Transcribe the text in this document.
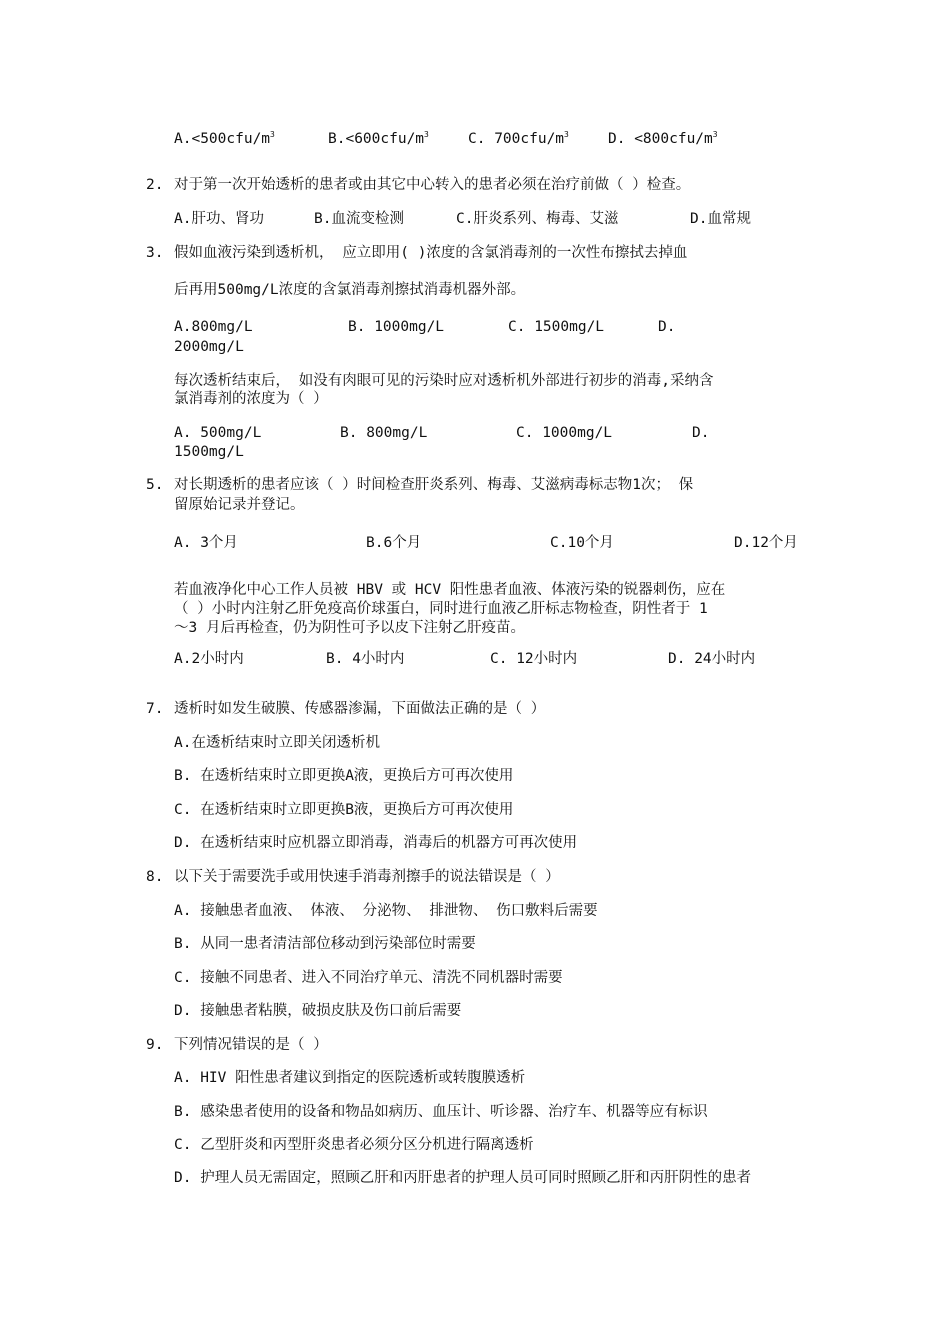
$A.<500cfu/m^3$	$B.<600cfu/m^3$	C. $700cfu/m^3$	D. $<800cfu/m^3$
2. 对于第一次开始透析的患者或由其它中心转入的患者必须在治疗前做（ ）检查。
A.肝功、肾功	B.血流变检测	C.肝炎系列、梅毒、艾滋	D.血常规
3. 假如血液污染到透析机， 应立即用( )浓度的含氯消毒剂的一次性布擦拭去掉血
后再用500mg/L浓度的含氯消毒剂擦拭消毒机器外部。
A.800mg/L	B. 1000mg/L	C. 1500mg/L	D.
2000mg/L
每次透析结束后， 如没有肉眼可见的污染时应对透析机外部进行初步的消毒,采纳含
氯消毒剂的浓度为（ ）
A. 500mg/L	B. 800mg/L	C. 1000mg/L	D.
1500mg/L
5. 对长期透析的患者应该（ ）时间检查肝炎系列、梅毒、艾滋病毒标志物1次； 保
留原始记录并登记。
A. 3个月	B.6个月	C.10个月	D.12个月
若血液净化中心工作人员被 HBV 或 HCV 阳性患者血液、体液污染的锐器刺伤，应在
（ ）小时内注射乙肝免疫高价球蛋白，同时进行血液乙肝标志物检查，阴性者于 1
～3 月后再检查，仍为阴性可予以皮下注射乙肝疫苗。
A.2小时内	B. 4小时内	C. 12小时内	D. 24小时内
7. 透析时如发生破膜、传感器渗漏，下面做法正确的是（ ）
A.在透析结束时立即关闭透析机
B. 在透析结束时立即更换A液，更换后方可再次使用
C. 在透析结束时立即更换B液，更换后方可再次使用
D. 在透析结束时应机器立即消毒，消毒后的机器方可再次使用
8. 以下关于需要洗手或用快速手消毒剂擦手的说法错误是（ ）
A. 接触患者血液、 体液、 分泌物、 排泄物、 伤口敷料后需要
B. 从同一患者清洁部位移动到污染部位时需要
C. 接触不同患者、进入不同治疗单元、清洗不同机器时需要
D. 接触患者粘膜，破损皮肤及伤口前后需要
9. 下列情况错误的是（ ）
A. HIV 阳性患者建议到指定的医院透析或转腹膜透析
B. 感染患者使用的设备和物品如病历、血压计、听诊器、治疗车、机器等应有标识
C. 乙型肝炎和丙型肝炎患者必须分区分机进行隔离透析
D. 护理人员无需固定，照顾乙肝和丙肝患者的护理人员可同时照顾乙肝和丙肝阴性的患者
